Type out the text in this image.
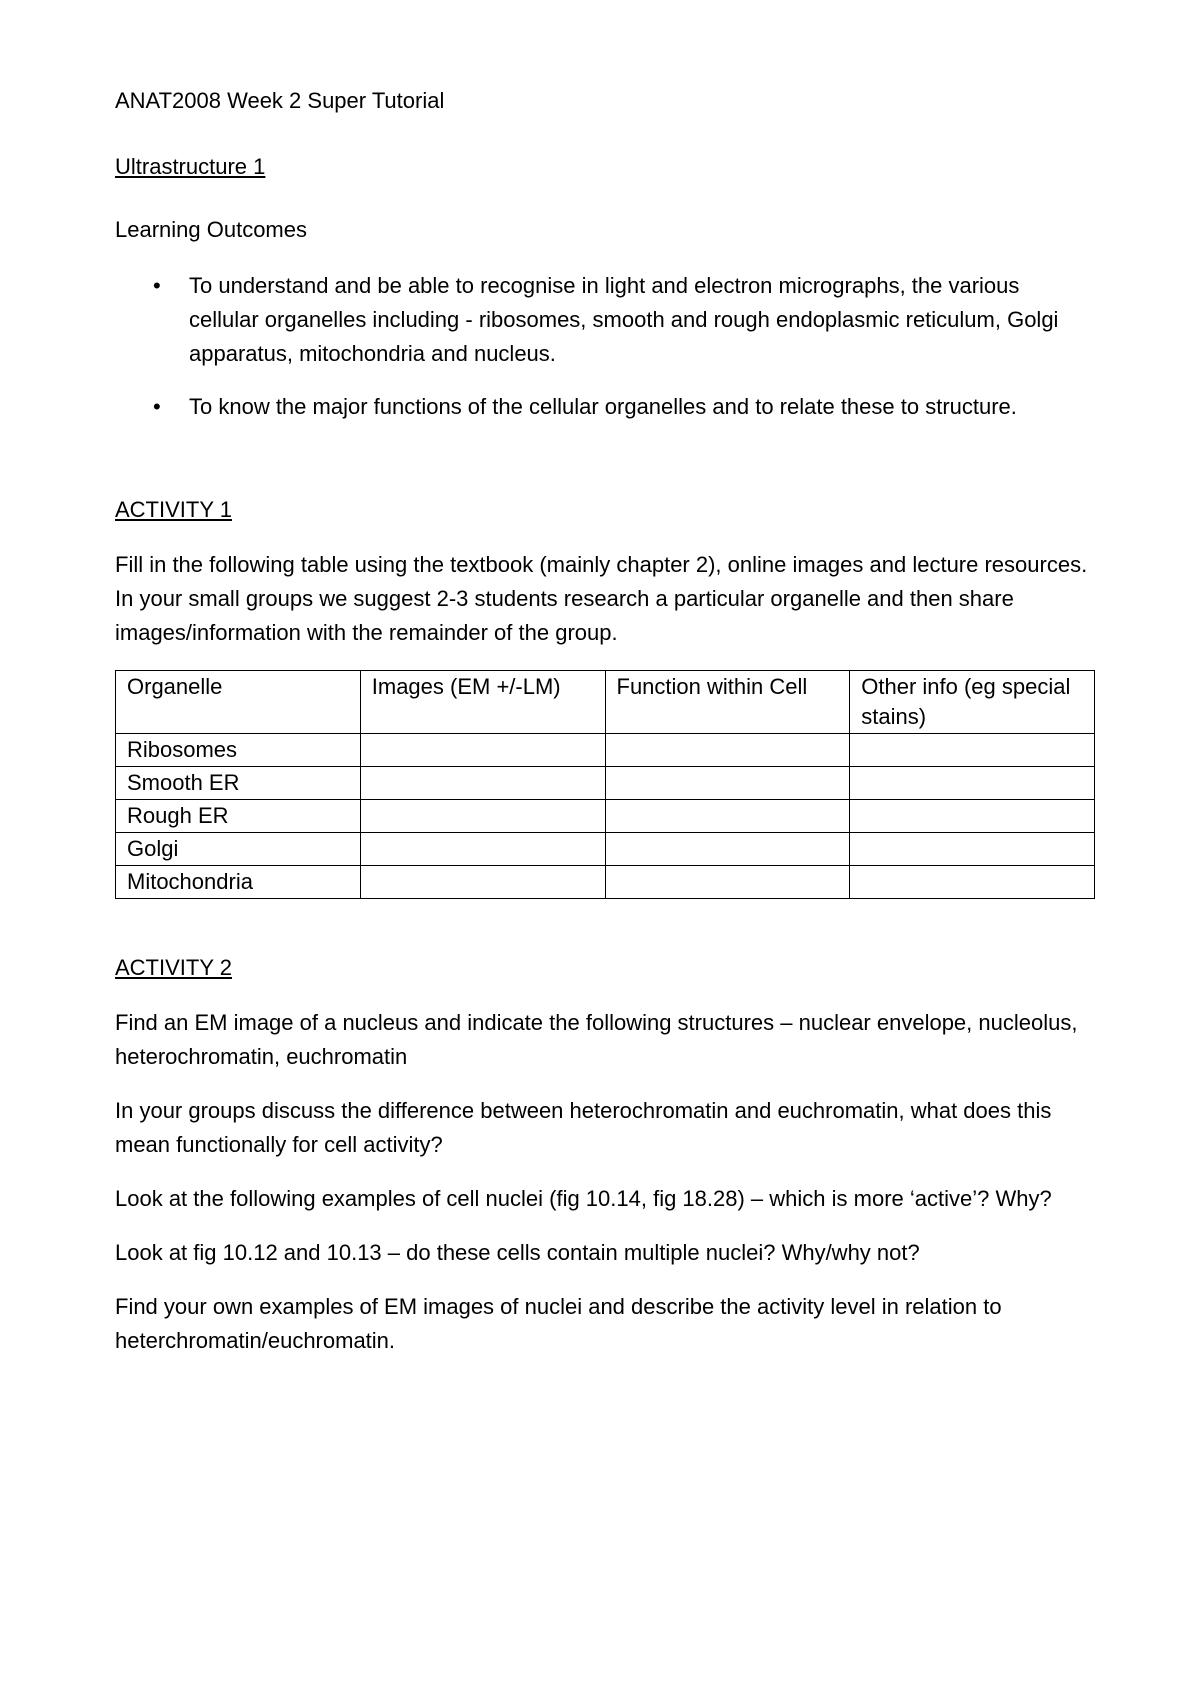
ANAT2008 Week 2 Super Tutorial
Ultrastructure 1
Learning Outcomes
• To understand and be able to recognise in light and electron micrographs, the various cellular organelles including - ribosomes, smooth and rough endoplasmic reticulum, Golgi apparatus, mitochondria and nucleus.
• To know the major functions of the cellular organelles and to relate these to structure.
ACTIVITY 1

Fill in the following table using the textbook (mainly chapter 2), online images and lecture resources. In your small groups we suggest 2-3 students research a particular organelle and then share images/information with the remainder of the group.

Organelle	Images (EM +/-LM)	Function within Cell	Other info (eg special stains)
Ribosomes			
Smooth ER			
Rough ER			
Golgi			
Mitochondria			
ACTIVITY 2

Find an EM image of a nucleus and indicate the following structures – nuclear envelope, nucleolus, heterochromatin, euchromatin

In your groups discuss the difference between heterochromatin and euchromatin, what does this mean functionally for cell activity?

Look at the following examples of cell nuclei (fig 10.14, fig 18.28) – which is more ‘active’? Why?

Look at fig 10.12 and 10.13 – do these cells contain multiple nuclei? Why/why not?

Find your own examples of EM images of nuclei and describe the activity level in relation to heterchromatin/euchromatin.
